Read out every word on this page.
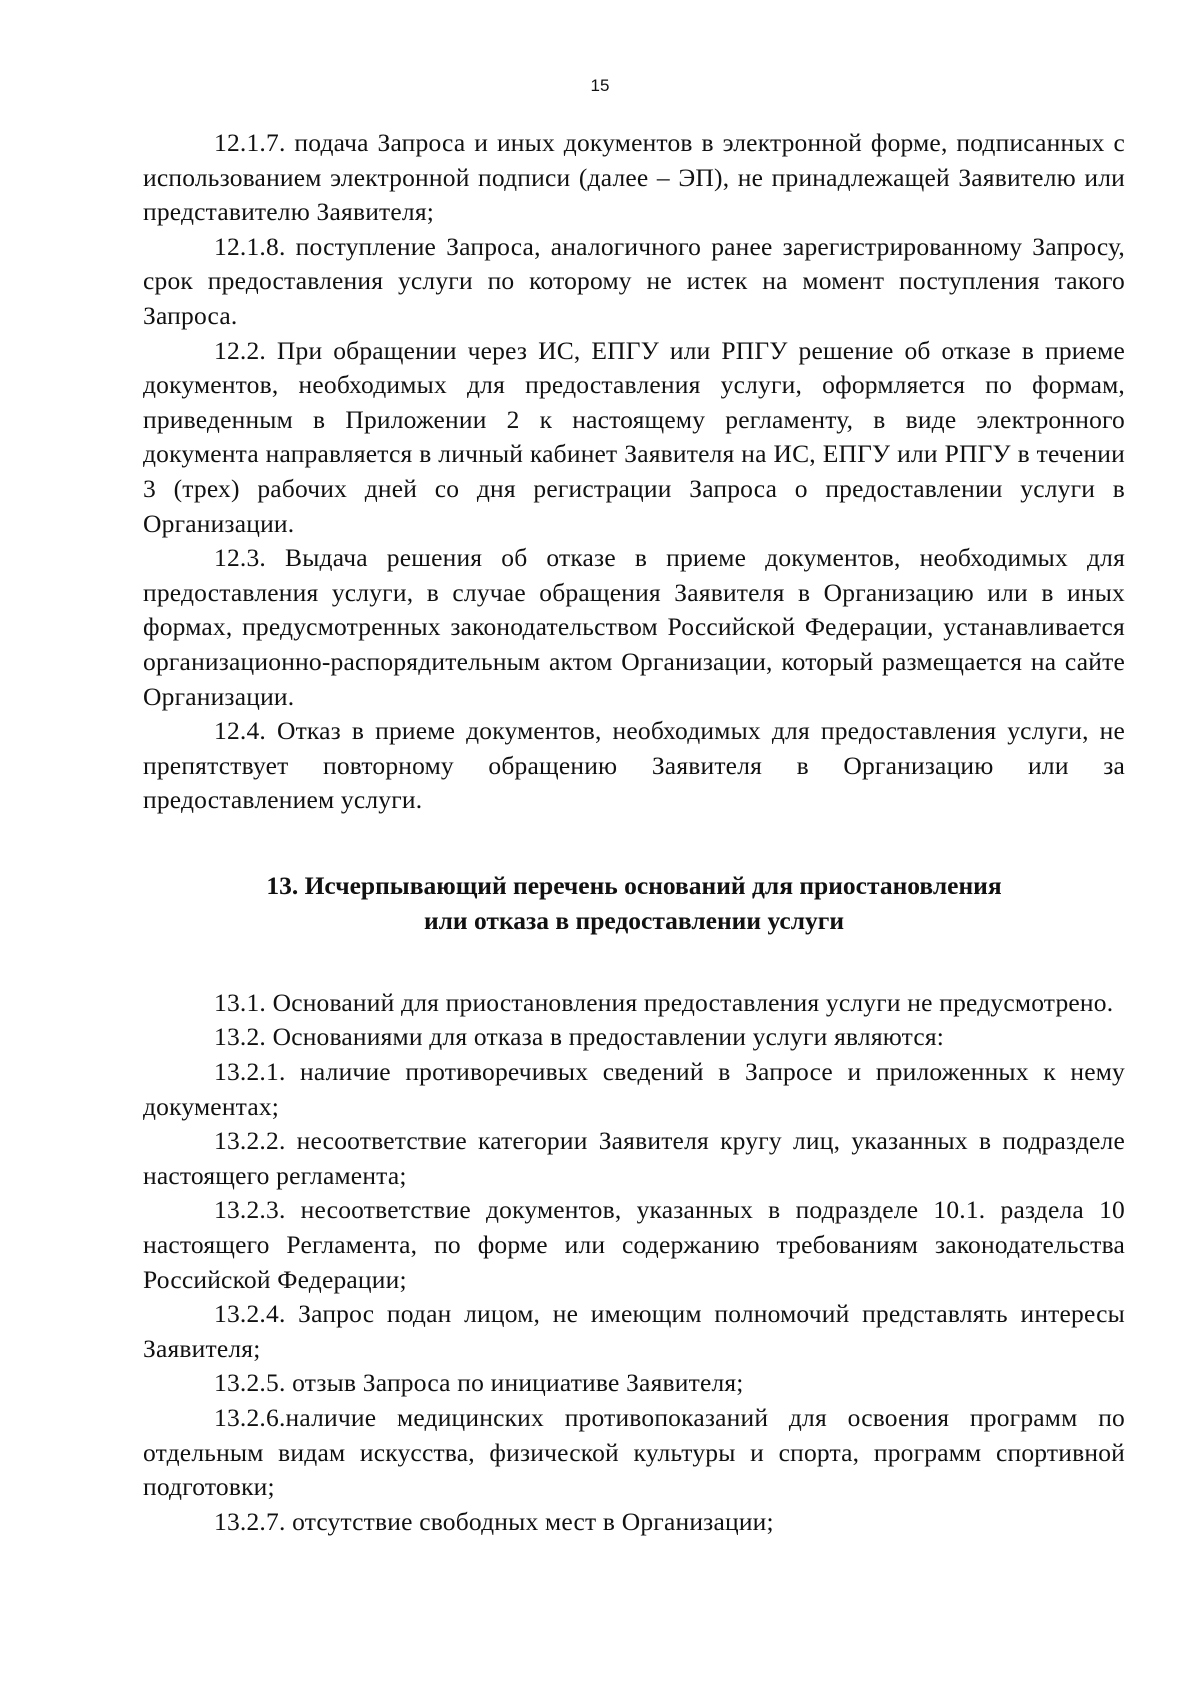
15

12.1.7. подача Запроса и иных документов в электронной форме, подписанных с использованием электронной подписи (далее – ЭП), не принадлежащей Заявителю или представителю Заявителя;

12.1.8. поступление Запроса, аналогичного ранее зарегистрированному Запросу, срок предоставления услуги по которому не истек на момент поступления такого Запроса.

12.2. При обращении через ИС, ЕПГУ или РПГУ решение об отказе в приеме документов, необходимых для предоставления услуги, оформляется по формам, приведенным в Приложении 2 к настоящему регламенту, в виде электронного документа направляется в личный кабинет Заявителя на ИС, ЕПГУ или РПГУ в течении 3 (трех) рабочих дней со дня регистрации Запроса о предоставлении услуги в Организации.

12.3. Выдача решения об отказе в приеме документов, необходимых для предоставления услуги, в случае обращения Заявителя в Организацию или в иных формах, предусмотренных законодательством Российской Федерации, устанавливается организационно-распорядительным актом Организации, который размещается на сайте Организации.

12.4. Отказ в приеме документов, необходимых для предоставления услуги, не препятствует повторному обращению Заявителя в Организацию или за предоставлением услуги.

13. Исчерпывающий перечень оснований для приостановления
или отказа в предоставлении услуги

13.1. Оснований для приостановления предоставления услуги не предусмотрено.

13.2. Основаниями для отказа в предоставлении услуги являются:

13.2.1. наличие противоречивых сведений в Запросе и приложенных к нему документах;

13.2.2. несоответствие категории Заявителя кругу лиц, указанных в подразделе настоящего регламента;

13.2.3. несоответствие документов, указанных в подразделе 10.1. раздела 10 настоящего Регламента, по форме или содержанию требованиям законодательства Российской Федерации;

13.2.4. Запрос подан лицом, не имеющим полномочий представлять интересы Заявителя;

13.2.5. отзыв Запроса по инициативе Заявителя;

13.2.6.наличие медицинских противопоказаний для освоения программ по отдельным видам искусства, физической культуры и спорта, программ спортивной подготовки;

13.2.7. отсутствие свободных мест в Организации;
